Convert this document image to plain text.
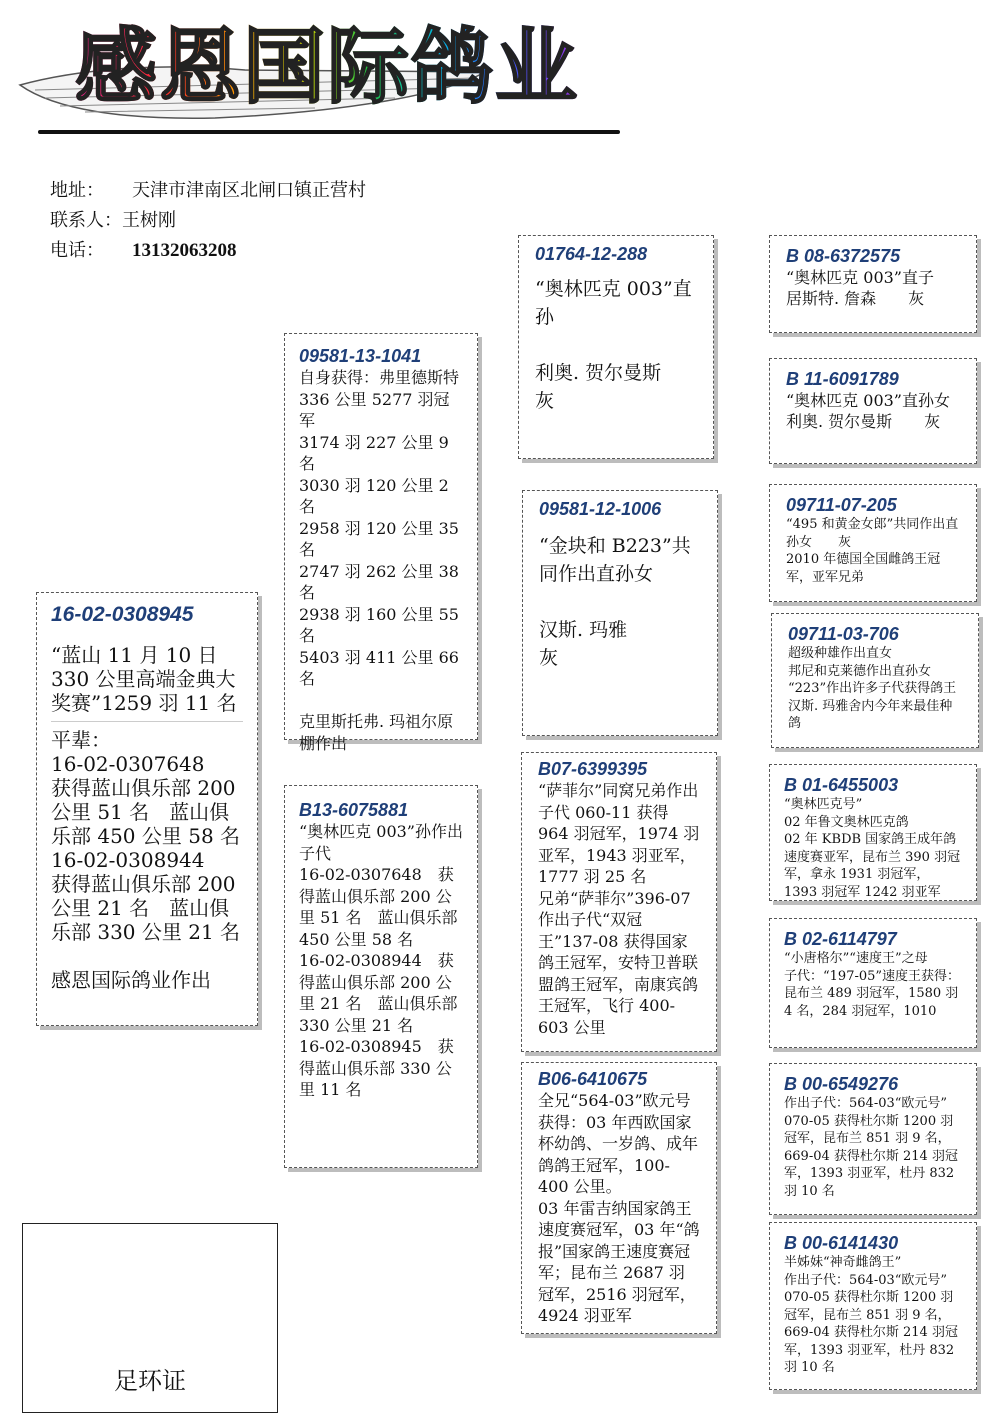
感恩国际鸽业
地址： 天津市津南区北闸口镇正营村
联系人：王树刚
电话： 13132063208
16-02-0308945
“蓝山 11 月 10 日 330 公里高端金典大奖赛”1259 羽 11 名
平辈：
16-02-0307648　　获得蓝山俱乐部 200 公里 51 名　蓝山俱乐部 450 公里 58 名
16-02-0308944　　获得蓝山俱乐部 200 公里 21 名　蓝山俱乐部 330 公里 21 名

感恩国际鸽业作出
09581-13-1041
自身获得：弗里德斯特 336 公里 5277 羽冠军
3174 羽 227 公里 9 名
3030 羽 120 公里 2 名
2958 羽 120 公里 35 名
2747 羽 262 公里 38 名
2938 羽 160 公里 55 名
5403 羽 411 公里 66 名

克里斯托弗. 玛祖尔原棚作出
B13-6075881
“奥林匹克 003”孙作出子代
16-02-0307648　获得蓝山俱乐部 200 公里 51 名　蓝山俱乐部 450 公里 58 名
16-02-0308944　获得蓝山俱乐部 200 公里 21 名　蓝山俱乐部 330 公里 21 名
16-02-0308945　获得蓝山俱乐部 330 公里 11 名
01764-12-288
“奥林匹克 003”直孙

利奥. 贺尔曼斯
灰
09581-12-1006
“金块和 B223”共同作出直孙女

汉斯. 玛雅
灰
B07-6399395
“萨菲尔”同窝兄弟作出子代 060-11 获得 964 羽冠军，1974 羽亚军，1943 羽亚军，1777 羽 25 名
兄弟“萨菲尔”396-07 作出子代“双冠王”137-08 获得国家鸽王冠军，安特卫普联盟鸽王冠军，南康宾鸽王冠军，飞行 400-603 公里
B06-6410675
全兄“564-03”欧元号获得：03 年西欧国家杯幼鸽、一岁鸽、成年鸽鸽王冠军，100-400 公里。
03 年雷吉纳国家鸽王速度赛冠军，03 年“鸽报”国家鸽王速度赛冠军；昆布兰 2687 羽冠军，2516 羽冠军，4924 羽亚军
B 08-6372575
“奥林匹克 003”直子
居斯特. 詹森　　灰
B 11-6091789
“奥林匹克 003”直孙女
利奥. 贺尔曼斯　　灰
09711-07-205
“495 和黄金女郎”共同作出直孙女　　灰
2010 年德国全国雌鸽王冠军，亚军兄弟
09711-03-706
超级种雄作出直女
邦尼和克莱德作出直孙女
“223”作出许多子代获得鸽王　汉斯. 玛雅舍内今年来最佳种鸽
B 01-6455003
“奥林匹克号”
02 年鲁文奥林匹克鸽
02 年 KBDB 国家鸽王成年鸽速度赛亚军，昆布兰 390 羽冠军，拿永 1931 羽冠军，1393 羽冠军 1242 羽亚军
B 02-6114797
“小唐格尔”“速度王”之母
子代：“197-05”速度王获得：昆布兰 489 羽冠军，1580 羽 4 名，284 羽冠军，1010
B 00-6549276
作出子代：564-03“欧元号” 070-05 获得杜尔斯 1200 羽冠军，昆布兰 851 羽 9 名，669-04 获得杜尔斯 214 羽冠军，1393 羽亚军，杜丹 832 羽 10 名
B 00-6141430
半姊妹“神奇雌鸽王”
作出子代：564-03“欧元号” 070-05 获得杜尔斯 1200 羽冠军，昆布兰 851 羽 9 名，669-04 获得杜尔斯 214 羽冠军，1393 羽亚军，杜丹 832 羽 10 名
足环证
